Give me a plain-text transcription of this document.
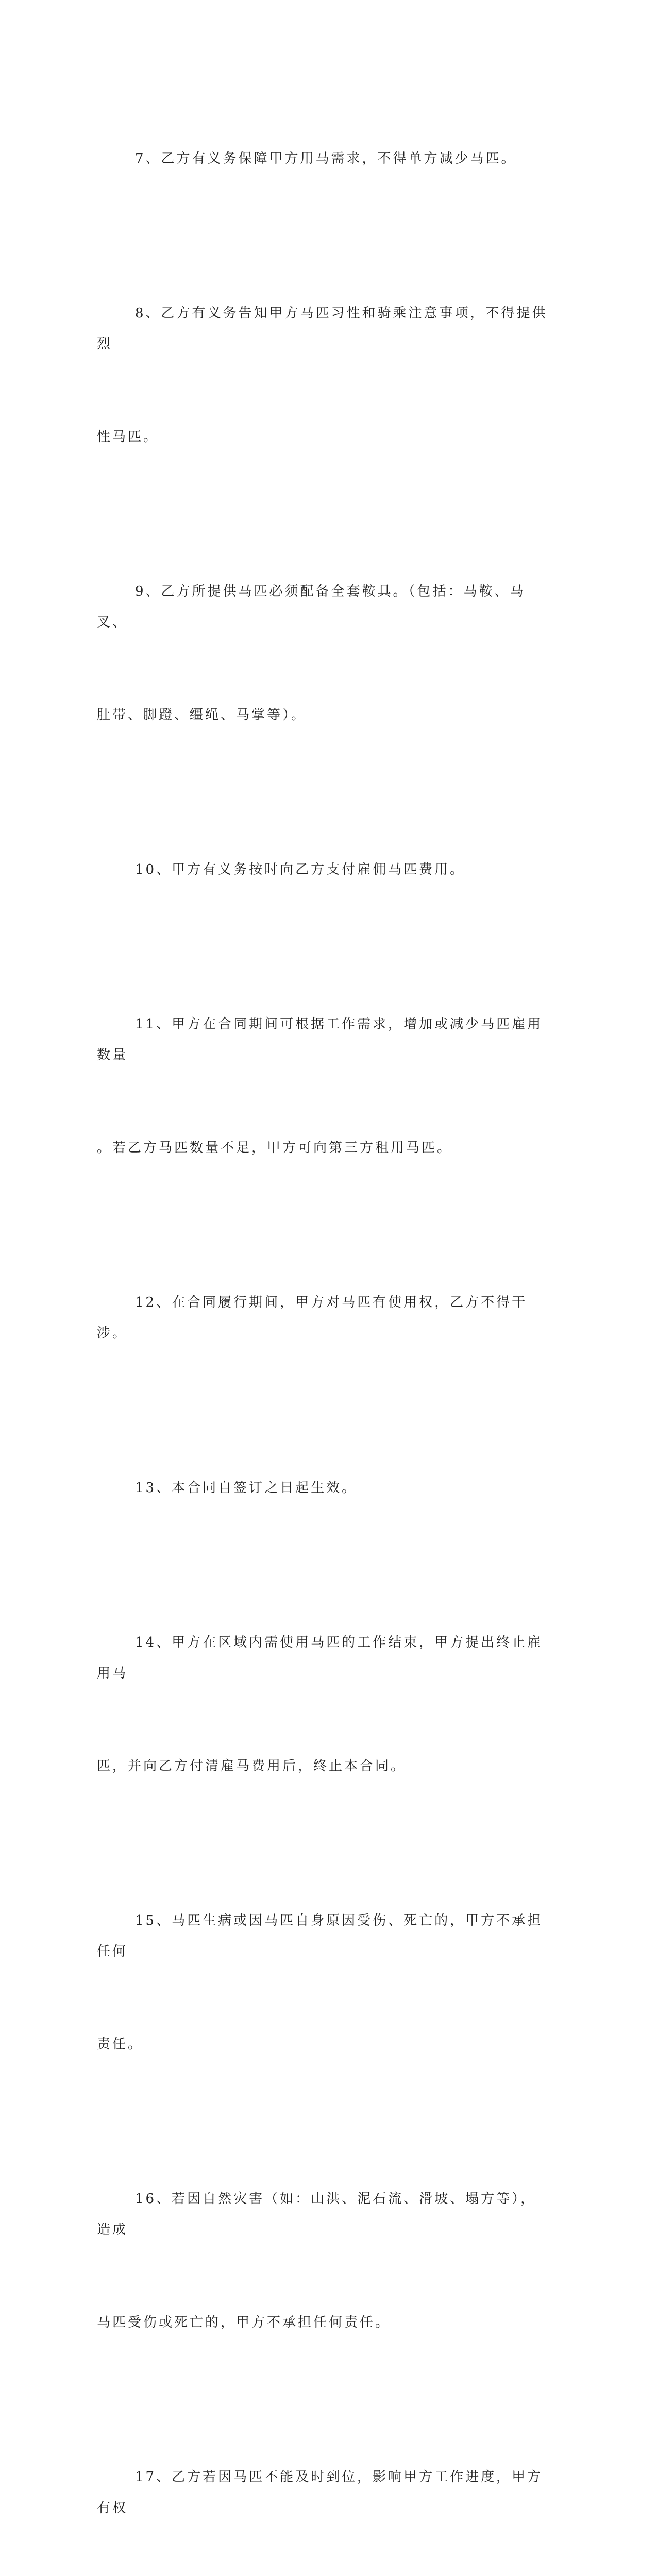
7、乙方有义务保障甲方用马需求，不得单方减少马匹。

8、乙方有义务告知甲方马匹习性和骑乘注意事项，不得提供烈

性马匹。

9、乙方所提供马匹必须配备全套鞍具。（包括：马鞍、马叉、

肚带、脚蹬、缰绳、马掌等）。

10、甲方有义务按时向乙方支付雇佣马匹费用。

11、甲方在合同期间可根据工作需求，增加或减少马匹雇用数量

。若乙方马匹数量不足，甲方可向第三方租用马匹。

12、在合同履行期间，甲方对马匹有使用权，乙方不得干涉。

13、本合同自签订之日起生效。

14、甲方在区域内需使用马匹的工作结束，甲方提出终止雇用马

匹，并向乙方付清雇马费用后，终止本合同。

15、马匹生病或因马匹自身原因受伤、死亡的，甲方不承担任何

责任。

16、若因自然灾害（如：山洪、泥石流、滑坡、塌方等），造成

马匹受伤或死亡的，甲方不承担任何责任。

17、乙方若因马匹不能及时到位，影响甲方工作进度，甲方有权
